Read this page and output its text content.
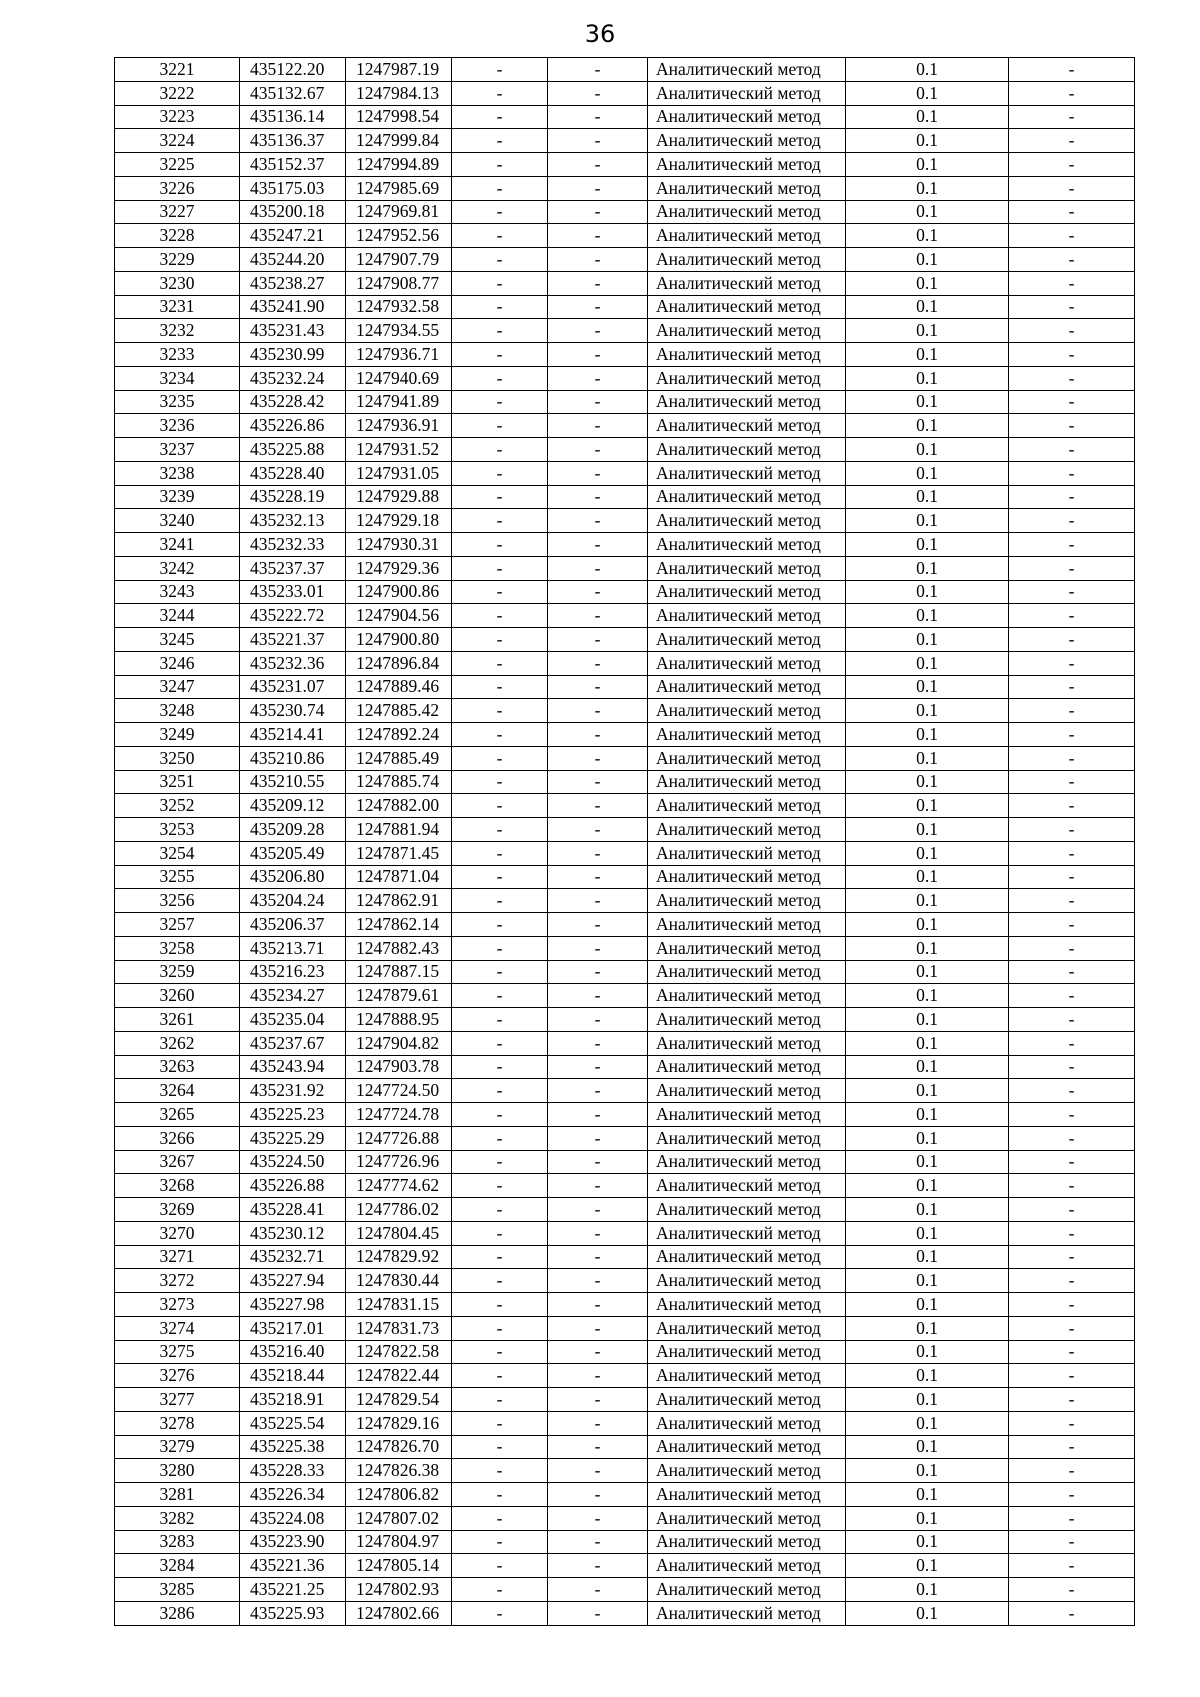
36
3221	435122.20	1247987.19	-	-	Аналитический метод	0.1	-
3222	435132.67	1247984.13	-	-	Аналитический метод	0.1	-
3223	435136.14	1247998.54	-	-	Аналитический метод	0.1	-
3224	435136.37	1247999.84	-	-	Аналитический метод	0.1	-
3225	435152.37	1247994.89	-	-	Аналитический метод	0.1	-
3226	435175.03	1247985.69	-	-	Аналитический метод	0.1	-
3227	435200.18	1247969.81	-	-	Аналитический метод	0.1	-
3228	435247.21	1247952.56	-	-	Аналитический метод	0.1	-
3229	435244.20	1247907.79	-	-	Аналитический метод	0.1	-
3230	435238.27	1247908.77	-	-	Аналитический метод	0.1	-
3231	435241.90	1247932.58	-	-	Аналитический метод	0.1	-
3232	435231.43	1247934.55	-	-	Аналитический метод	0.1	-
3233	435230.99	1247936.71	-	-	Аналитический метод	0.1	-
3234	435232.24	1247940.69	-	-	Аналитический метод	0.1	-
3235	435228.42	1247941.89	-	-	Аналитический метод	0.1	-
3236	435226.86	1247936.91	-	-	Аналитический метод	0.1	-
3237	435225.88	1247931.52	-	-	Аналитический метод	0.1	-
3238	435228.40	1247931.05	-	-	Аналитический метод	0.1	-
3239	435228.19	1247929.88	-	-	Аналитический метод	0.1	-
3240	435232.13	1247929.18	-	-	Аналитический метод	0.1	-
3241	435232.33	1247930.31	-	-	Аналитический метод	0.1	-
3242	435237.37	1247929.36	-	-	Аналитический метод	0.1	-
3243	435233.01	1247900.86	-	-	Аналитический метод	0.1	-
3244	435222.72	1247904.56	-	-	Аналитический метод	0.1	-
3245	435221.37	1247900.80	-	-	Аналитический метод	0.1	-
3246	435232.36	1247896.84	-	-	Аналитический метод	0.1	-
3247	435231.07	1247889.46	-	-	Аналитический метод	0.1	-
3248	435230.74	1247885.42	-	-	Аналитический метод	0.1	-
3249	435214.41	1247892.24	-	-	Аналитический метод	0.1	-
3250	435210.86	1247885.49	-	-	Аналитический метод	0.1	-
3251	435210.55	1247885.74	-	-	Аналитический метод	0.1	-
3252	435209.12	1247882.00	-	-	Аналитический метод	0.1	-
3253	435209.28	1247881.94	-	-	Аналитический метод	0.1	-
3254	435205.49	1247871.45	-	-	Аналитический метод	0.1	-
3255	435206.80	1247871.04	-	-	Аналитический метод	0.1	-
3256	435204.24	1247862.91	-	-	Аналитический метод	0.1	-
3257	435206.37	1247862.14	-	-	Аналитический метод	0.1	-
3258	435213.71	1247882.43	-	-	Аналитический метод	0.1	-
3259	435216.23	1247887.15	-	-	Аналитический метод	0.1	-
3260	435234.27	1247879.61	-	-	Аналитический метод	0.1	-
3261	435235.04	1247888.95	-	-	Аналитический метод	0.1	-
3262	435237.67	1247904.82	-	-	Аналитический метод	0.1	-
3263	435243.94	1247903.78	-	-	Аналитический метод	0.1	-
3264	435231.92	1247724.50	-	-	Аналитический метод	0.1	-
3265	435225.23	1247724.78	-	-	Аналитический метод	0.1	-
3266	435225.29	1247726.88	-	-	Аналитический метод	0.1	-
3267	435224.50	1247726.96	-	-	Аналитический метод	0.1	-
3268	435226.88	1247774.62	-	-	Аналитический метод	0.1	-
3269	435228.41	1247786.02	-	-	Аналитический метод	0.1	-
3270	435230.12	1247804.45	-	-	Аналитический метод	0.1	-
3271	435232.71	1247829.92	-	-	Аналитический метод	0.1	-
3272	435227.94	1247830.44	-	-	Аналитический метод	0.1	-
3273	435227.98	1247831.15	-	-	Аналитический метод	0.1	-
3274	435217.01	1247831.73	-	-	Аналитический метод	0.1	-
3275	435216.40	1247822.58	-	-	Аналитический метод	0.1	-
3276	435218.44	1247822.44	-	-	Аналитический метод	0.1	-
3277	435218.91	1247829.54	-	-	Аналитический метод	0.1	-
3278	435225.54	1247829.16	-	-	Аналитический метод	0.1	-
3279	435225.38	1247826.70	-	-	Аналитический метод	0.1	-
3280	435228.33	1247826.38	-	-	Аналитический метод	0.1	-
3281	435226.34	1247806.82	-	-	Аналитический метод	0.1	-
3282	435224.08	1247807.02	-	-	Аналитический метод	0.1	-
3283	435223.90	1247804.97	-	-	Аналитический метод	0.1	-
3284	435221.36	1247805.14	-	-	Аналитический метод	0.1	-
3285	435221.25	1247802.93	-	-	Аналитический метод	0.1	-
3286	435225.93	1247802.66	-	-	Аналитический метод	0.1	-
